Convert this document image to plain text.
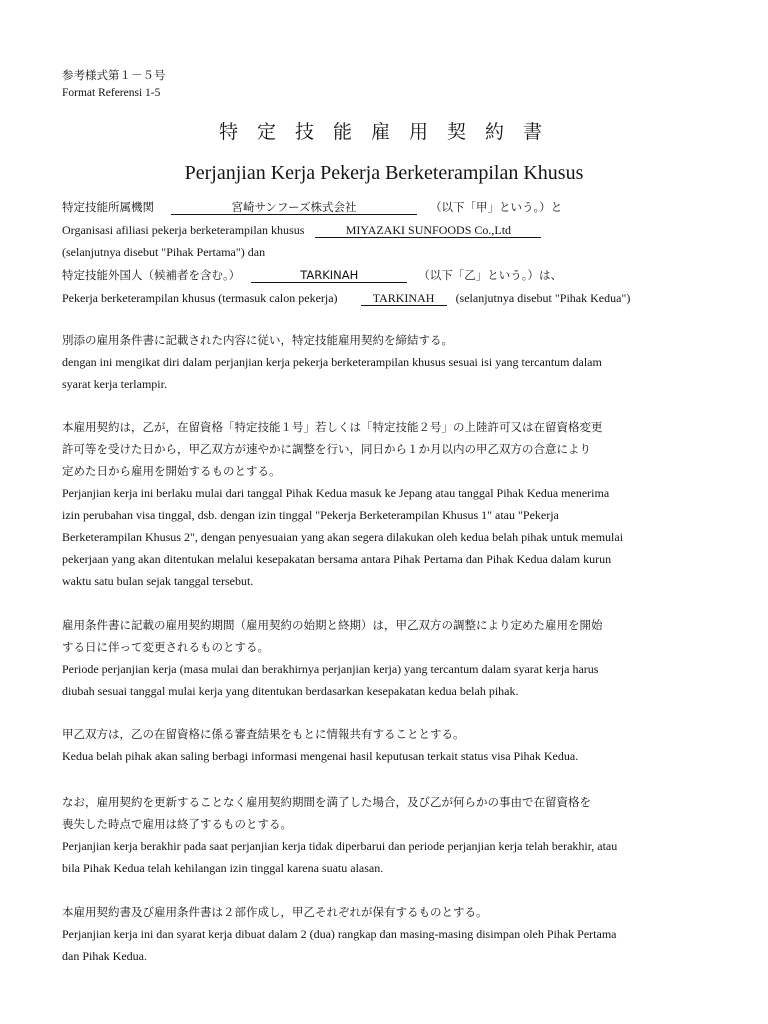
参考様式第１－５号
Format Referensi 1-5
特定技能雇用契約書
Perjanjian Kerja Pekerja Berketerampilan Khusus
特定技能所属機関	宮崎サンフーズ株式会社	（以下「甲」という。）と
Organisasi afiliasi pekerja berketerampilan khusus	MIYAZAKI SUNFOODS Co.,Ltd
(selanjutnya disebut "Pihak Pertama") dan
特定技能外国人（候補者を含む。）	TARKINAH	（以下「乙」という。）は、
Pekerja berketerampilan khusus (termasuk calon pekerja)	TARKINAH (selanjutnya disebut "Pihak Kedua")

別添の雇用条件書に記載された内容に従い，特定技能雇用契約を締結する。

dengan ini mengikat diri dalam perjanjian kerja pekerja berketerampilan khusus sesuai isi yang tercantum dalam

syarat kerja terlampir.

本雇用契約は，乙が，在留資格「特定技能１号」若しくは「特定技能２号」の上陸許可又は在留資格変更

許可等を受けた日から，甲乙双方が速やかに調整を行い，同日から１か月以内の甲乙双方の合意により

定めた日から雇用を開始するものとする。

Perjanjian kerja ini berlaku mulai dari tanggal Pihak Kedua masuk ke Jepang atau tanggal Pihak Kedua menerima

izin perubahan visa tinggal, dsb. dengan izin tinggal "Pekerja Berketerampilan Khusus 1" atau "Pekerja

Berketerampilan Khusus 2", dengan penyesuaian yang akan segera dilakukan oleh kedua belah pihak untuk memulai

pekerjaan yang akan ditentukan melalui kesepakatan bersama antara Pihak Pertama dan Pihak Kedua dalam kurun

waktu satu bulan sejak tanggal tersebut.

雇用条件書に記載の雇用契約期間（雇用契約の始期と終期）は，甲乙双方の調整により定めた雇用を開始

する日に伴って変更されるものとする。

Periode perjanjian kerja (masa mulai dan berakhirnya perjanjian kerja) yang tercantum dalam syarat kerja harus

diubah sesuai tanggal mulai kerja yang ditentukan berdasarkan kesepakatan kedua belah pihak.

甲乙双方は，乙の在留資格に係る審査結果をもとに情報共有することとする。

Kedua belah pihak akan saling berbagi informasi mengenai hasil keputusan terkait status visa Pihak Kedua.

なお，雇用契約を更新することなく雇用契約期間を満了した場合，及び乙が何らかの事由で在留資格を

喪失した時点で雇用は終了するものとする。

Perjanjian kerja berakhir pada saat perjanjian kerja tidak diperbarui dan periode perjanjian kerja telah berakhir, atau

bila Pihak Kedua telah kehilangan izin tinggal karena suatu alasan.

本雇用契約書及び雇用条件書は２部作成し，甲乙それぞれが保有するものとする。

Perjanjian kerja ini dan syarat kerja dibuat dalam 2 (dua) rangkap dan masing-masing disimpan oleh Pihak Pertama

dan Pihak Kedua.
